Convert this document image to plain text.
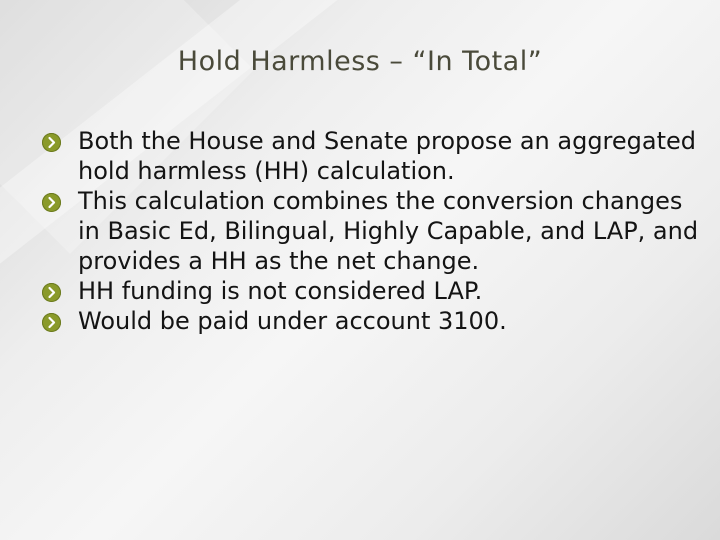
Hold Harmless – “In Total”
Both the House and Senate propose an aggregated hold harmless (HH) calculation.
This calculation combines the conversion changes in Basic Ed, Bilingual, Highly Capable, and LAP, and provides a HH as the net change.
HH funding is not considered LAP.
Would be paid under account 3100.
